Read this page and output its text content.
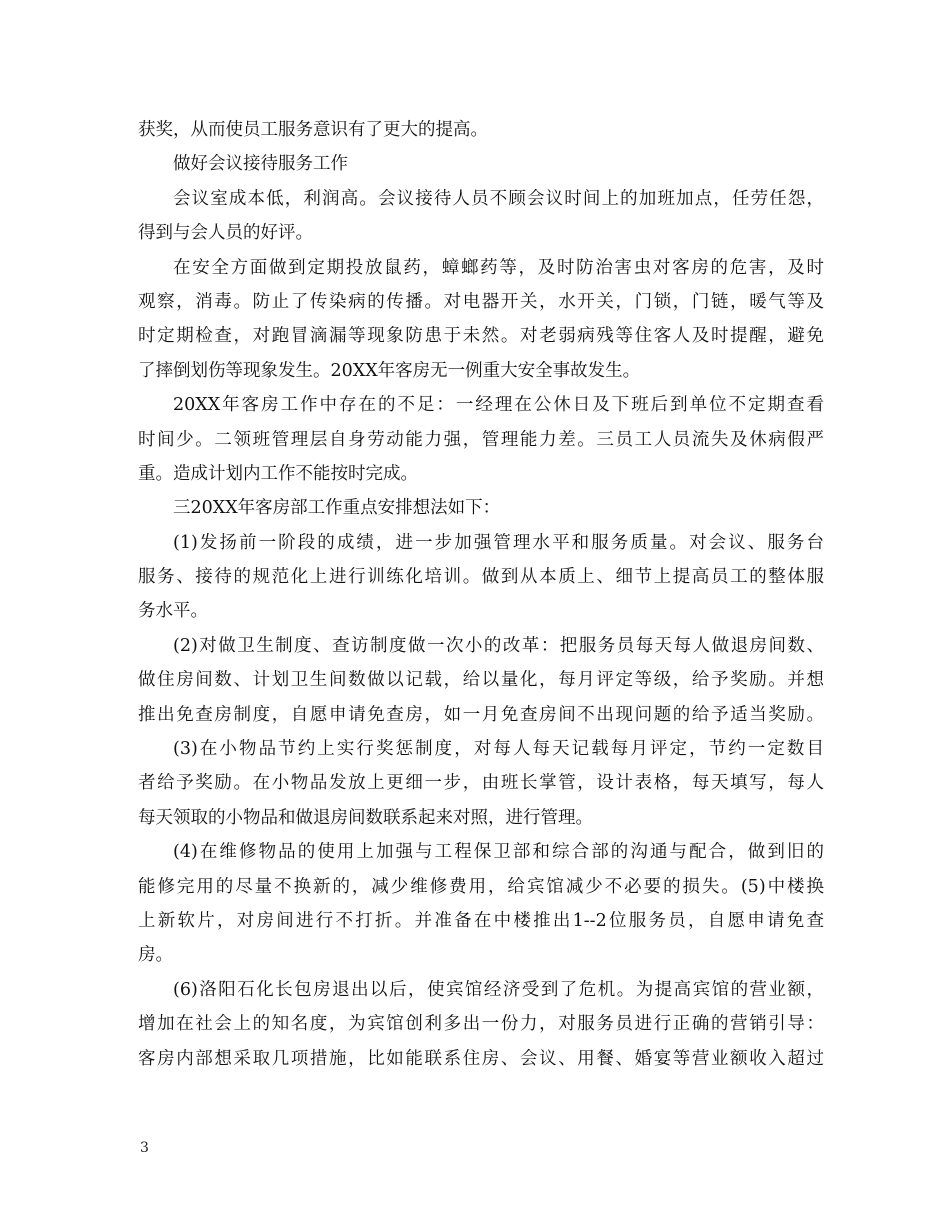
获奖，从而使员工服务意识有了更大的提高。
做好会议接待服务工作
会议室成本低，利润高。会议接待人员不顾会议时间上的加班加点，任劳任怨，
得到与会人员的好评。
在安全方面做到定期投放鼠药，蟑螂药等，及时防治害虫对客房的危害，及时
观察，消毒。防止了传染病的传播。对电器开关，水开关，门锁，门链，暖气等及
时定期检查，对跑冒滴漏等现象防患于未然。对老弱病残等住客人及时提醒，避免
了摔倒划伤等现象发生。20XX年客房无一例重大安全事故发生。
20XX年客房工作中存在的不足：一经理在公休日及下班后到单位不定期查看
时间少。二领班管理层自身劳动能力强，管理能力差。三员工人员流失及休病假严
重。造成计划内工作不能按时完成。
三20XX年客房部工作重点安排想法如下：
(1)发扬前一阶段的成绩，进一步加强管理水平和服务质量。对会议、服务台
服务、接待的规范化上进行训练化培训。做到从本质上、细节上提高员工的整体服
务水平。
(2)对做卫生制度、查访制度做一次小的改革：把服务员每天每人做退房间数、
做住房间数、计划卫生间数做以记载，给以量化，每月评定等级，给予奖励。并想
推出免查房制度，自愿申请免查房，如一月免查房间不出现问题的给予适当奖励。
(3)在小物品节约上实行奖惩制度，对每人每天记载每月评定，节约一定数目
者给予奖励。在小物品发放上更细一步，由班长掌管，设计表格，每天填写，每人
每天领取的小物品和做退房间数联系起来对照，进行管理。
(4)在维修物品的使用上加强与工程保卫部和综合部的沟通与配合，做到旧的
能修完用的尽量不换新的，减少维修费用，给宾馆减少不必要的损失。(5)中楼换
上新软片，对房间进行不打折。并准备在中楼推出1--2位服务员，自愿申请免查
房。
(6)洛阳石化长包房退出以后，使宾馆经济受到了危机。为提高宾馆的营业额，
增加在社会上的知名度，为宾馆创利多出一份力，对服务员进行正确的营销引导：
客房内部想采取几项措施，比如能联系住房、会议、用餐、婚宴等营业额收入超过
3
